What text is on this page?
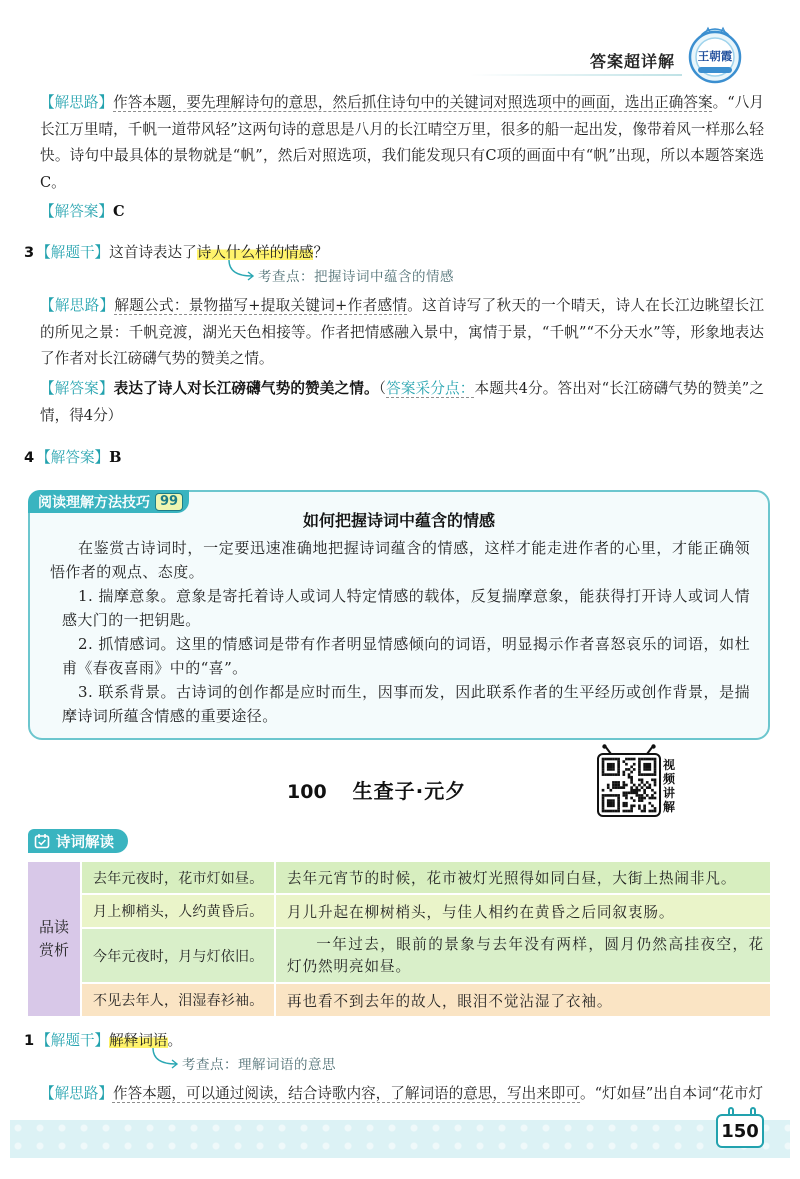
答案超详解	王朝霞
【解思路】作答本题，要先理解诗句的意思，然后抓住诗句中的关键词对照选项中的画面，选出正确答案。“八月长江万里晴，千帆一道带风轻”这两句诗的意思是八月的长江晴空万里，很多的船一起出发，像带着风一样那么轻快。诗句中最具体的景物就是“帆”，然后对照选项，我们能发现只有C项的画面中有“帆”出现，所以本题答案选C。
【解答案】C
3 【解题干】这首诗表达了诗人什么样的情感？
考查点：把握诗词中蕴含的情感
【解思路】解题公式：景物描写+提取关键词+作者感情。这首诗写了秋天的一个晴天，诗人在长江边眺望长江的所见之景：千帆竞渡，湖光天色相接等。作者把情感融入景中，寓情于景，“千帆”“不分天水”等，形象地表达了作者对长江磅礴气势的赞美之情。
【解答案】表达了诗人对长江磅礴气势的赞美之情。（答案采分点：本题共4分。答出对“长江磅礴气势的赞美”之情，得4分）
4 【解答案】B
阅读理解方法技巧 99
如何把握诗词中蕴含的情感

在鉴赏古诗词时，一定要迅速准确地把握诗词蕴含的情感，这样才能走进作者的心里，才能正确领悟作者的观点、态度。

1. 揣摩意象。意象是寄托着诗人或词人特定情感的载体，反复揣摩意象，能获得打开诗人或词人情感大门的一把钥匙。

2. 抓情感词。这里的情感词是带有作者明显情感倾向的词语，明显揭示作者喜怒哀乐的词语，如杜甫《春夜喜雨》中的“喜”。

3. 联系背景。古诗词的创作都是应时而生，因事而发，因此联系作者的生平经历或创作背景，是揣摩诗词所蕴含情感的重要途径。

100 生查子·元夕
视频讲解
诗词解读
品读赏析
去年元夜时，花市灯如昼。 去年元宵节的时候，花市被灯光照得如同白昼，大街上热闹非凡。
月上柳梢头，人约黄昏后。 月儿升起在柳树梢头，与佳人相约在黄昏之后同叙衷肠。
今年元夜时，月与灯依旧。
一年过去，眼前的景象与去年没有两样，圆月仍然高挂夜空，花灯仍然明亮如昼。
不见去年人，泪湿春衫袖。 再也看不到去年的故人，眼泪不觉沾湿了衣袖。
1 【解题干】解释词语。
考查点：理解词语的意思
【解思路】作答本题，可以通过阅读，结合诗歌内容，了解词语的意思，写出来即可。“灯如昼”出自本词“花市灯
150
